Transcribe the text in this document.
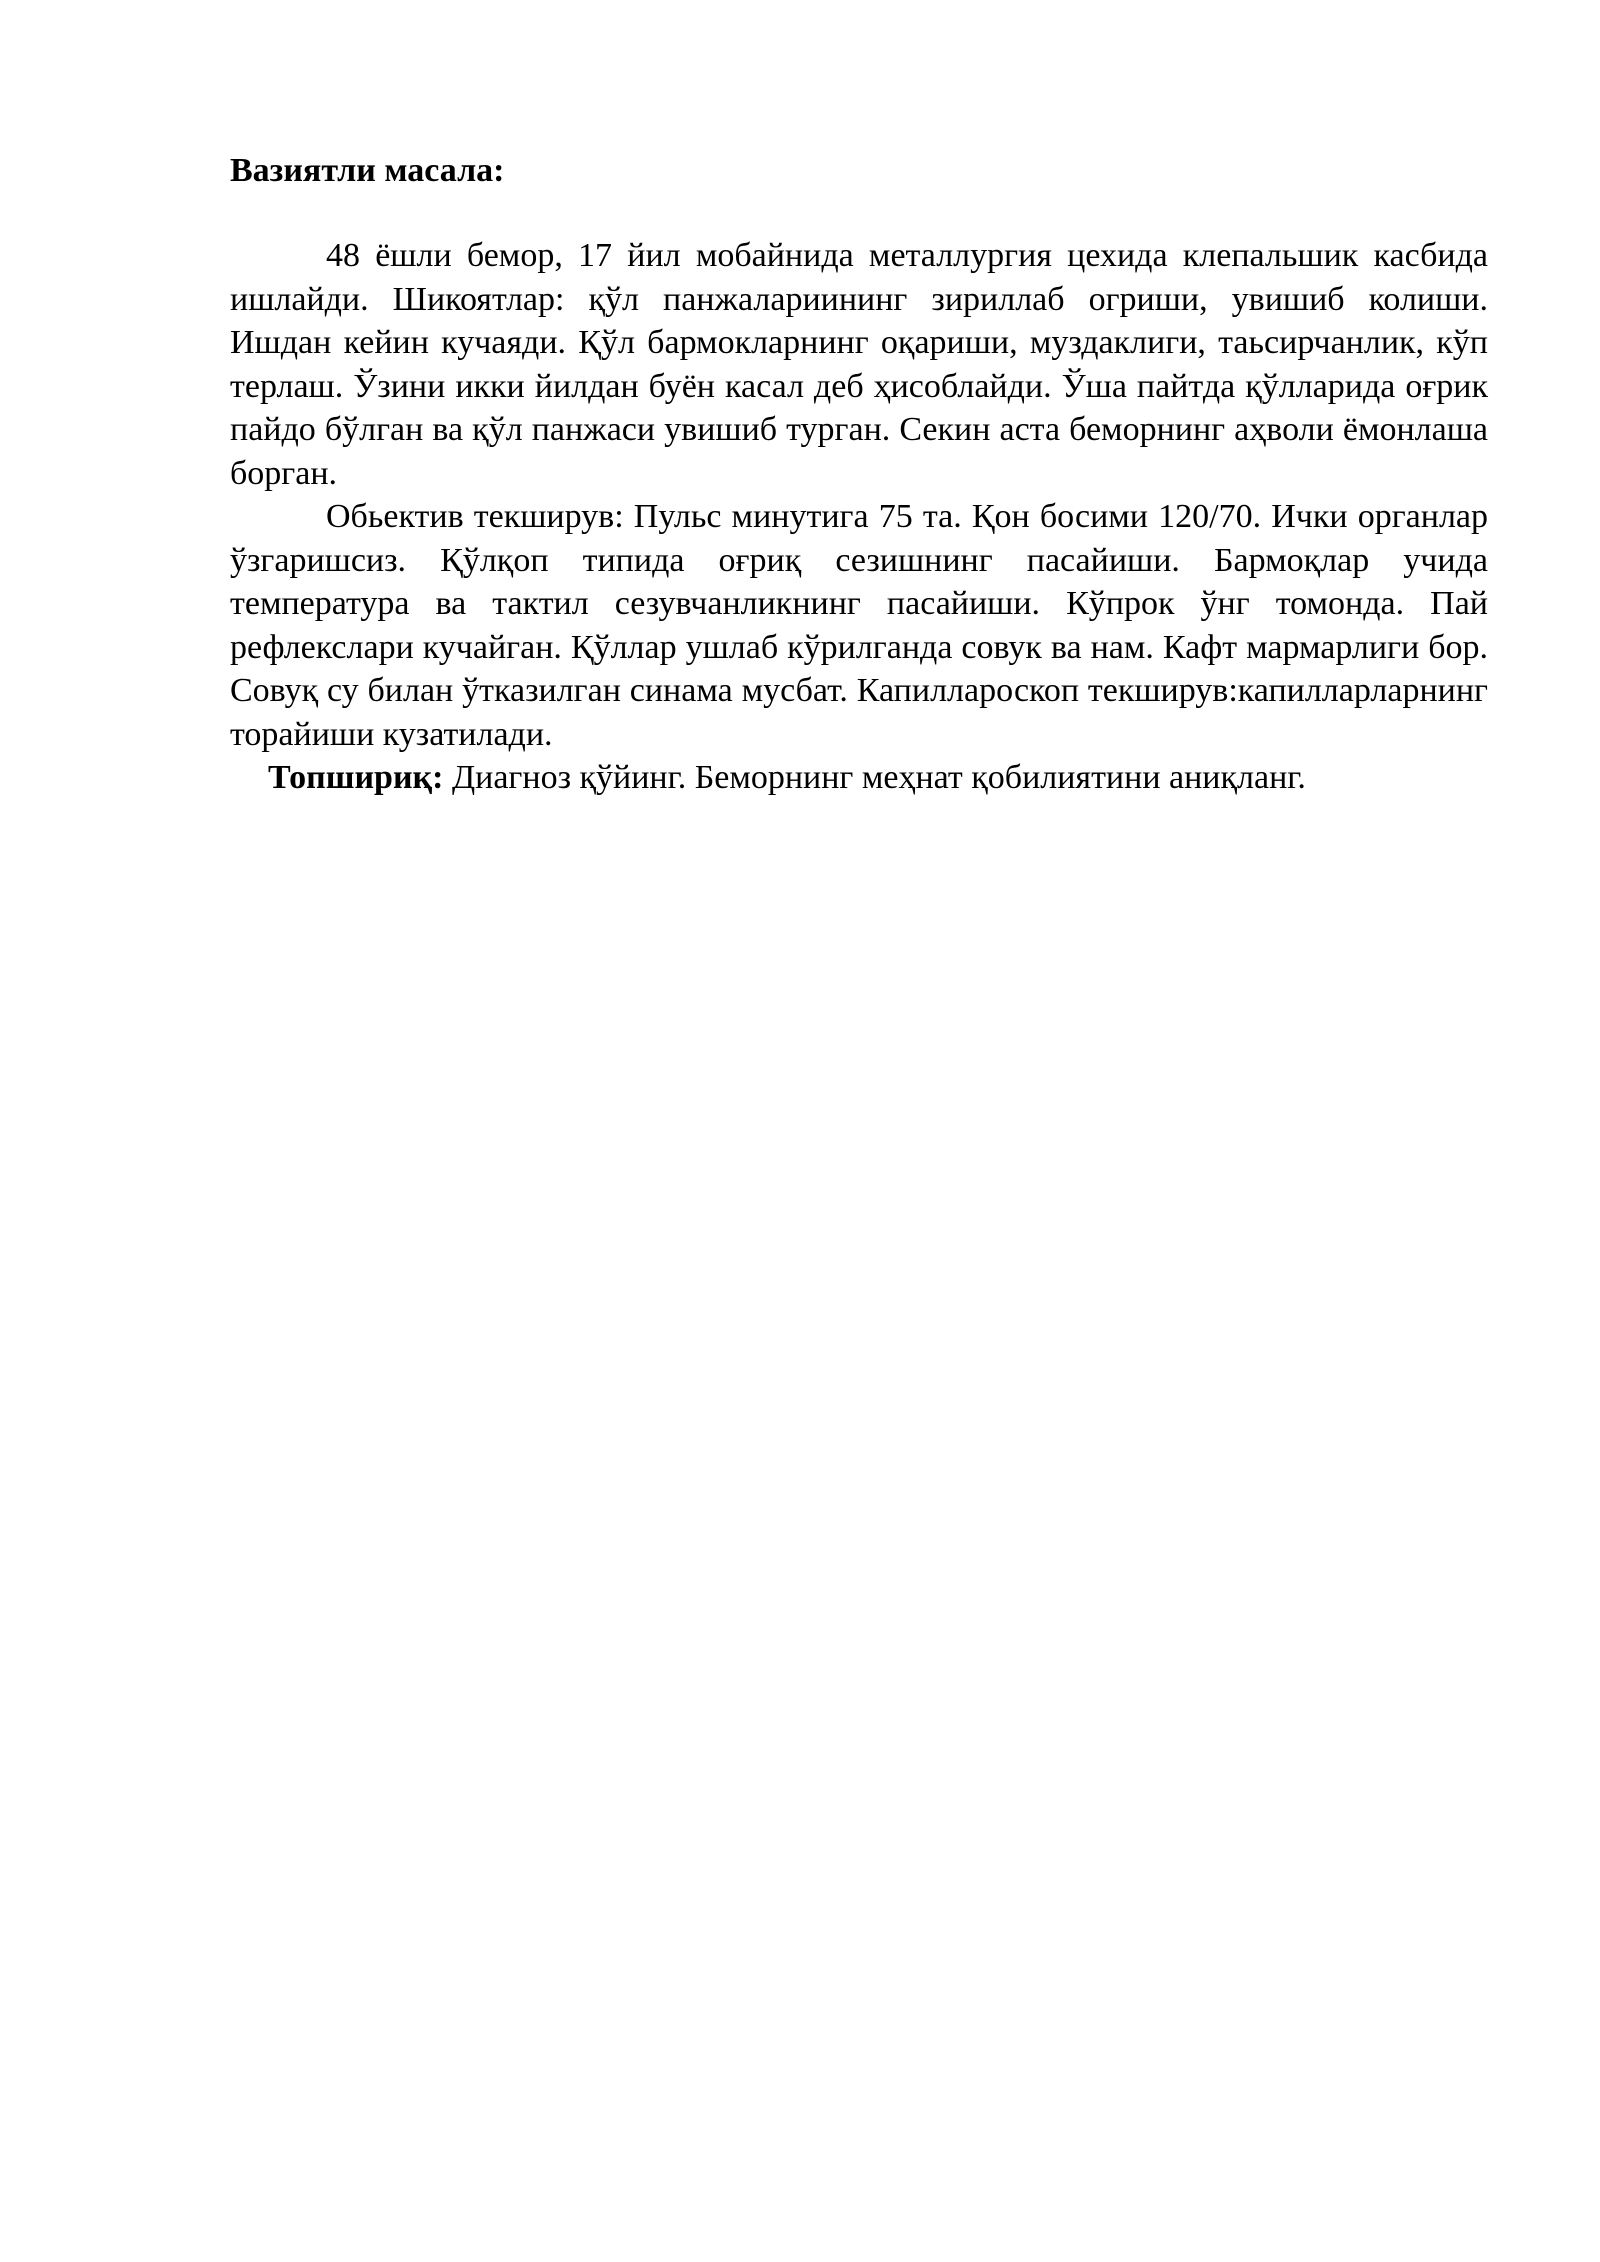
Вазиятли масала:

48 ёшли бемор, 17 йил мобайнида металлургия цехида клепальшик касбида ишлайди. Шикоятлар: қўл панжалариининг зириллаб огриши, увишиб колиши. Ишдан кейин кучаяди. Қўл бармокларнинг оқариши, муздаклиги, таьсирчанлик, кўп терлаш. Ўзини икки йилдан буён касал деб ҳисоблайди. Ўша пайтда қўлларида оғрик пайдо бўлган ва қўл панжаси увишиб турган. Секин аста беморнинг аҳволи ёмонлаша борган.

Обьектив текширув: Пульс минутига 75 та. Қон босими 120/70. Ички органлар ўзгаришсиз. Қўлқоп типида оғриқ сезишнинг пасайиши. Бармоқлар учида температура ва тактил сезувчанликнинг пасайиши. Кўпрок ўнг томонда. Пай рефлекслари кучайган. Қўллар ушлаб кўрилганда совук ва нам. Кафт мармарлиги бор. Совуқ су билан ўтказилган синама мусбат. Капиллароскоп текширув:капилларларнинг торайиши кузатилади.

Топшириқ: Диагноз қўйинг. Беморнинг меҳнат қобилиятини аниқланг.
